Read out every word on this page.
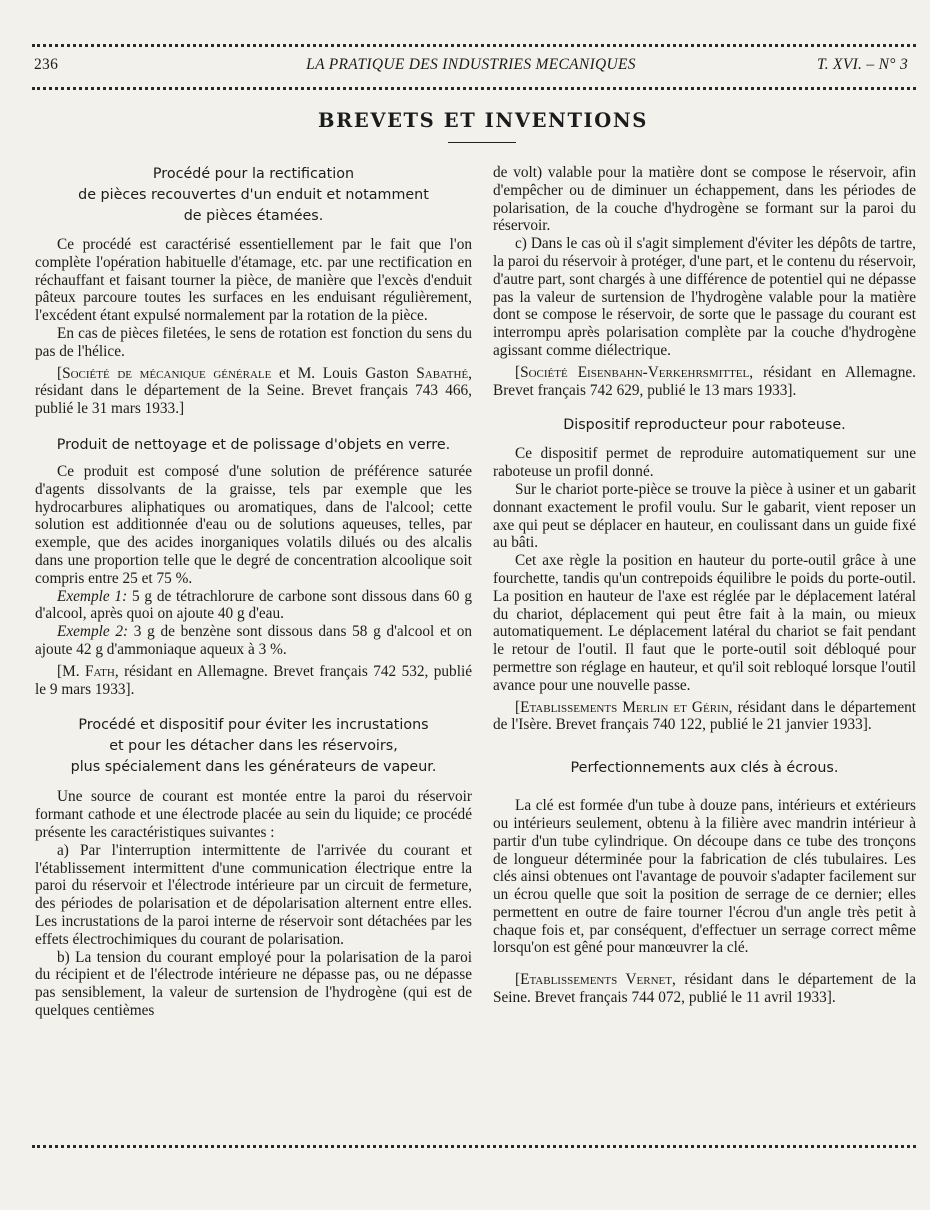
236	LA PRATIQUE DES INDUSTRIES MECANIQUES	T. XVI. – N° 3
BREVETS ET INVENTIONS
Procédé pour la rectification
de pièces recouvertes d'un enduit et notamment
de pièces étamées.

Ce procédé est caractérisé essentiellement par le fait que l'on complète l'opération habituelle d'étamage, etc. par une rectification en réchauffant et faisant tourner la pièce, de manière que l'excès d'enduit pâteux parcoure toutes les surfaces en les enduisant régulièrement, l'excédent étant expulsé normalement par la rotation de la pièce.

En cas de pièces filetées, le sens de rotation est fonction du sens du pas de l'hélice.

[Société de mécanique générale et M. Louis Gaston Sabathé, résidant dans le département de la Seine. Brevet français 743 466, publié le 31 mars 1933.]

Produit de nettoyage et de polissage d'objets en verre.

Ce produit est composé d'une solution de préférence saturée d'agents dissolvants de la graisse, tels par exemple que les hydrocarbures aliphatiques ou aromatiques, dans de l'alcool; cette solution est additionnée d'eau ou de solutions aqueuses, telles, par exemple, que des acides inorganiques volatils dilués ou des alcalis dans une proportion telle que le degré de concentration alcoolique soit compris entre 25 et 75 %.

Exemple 1: 5 g de tétrachlorure de carbone sont dissous dans 60 g d'alcool, après quoi on ajoute 40 g d'eau.

Exemple 2: 3 g de benzène sont dissous dans 58 g d'alcool et on ajoute 42 g d'ammoniaque aqueux à 3 %.

[M. Fath, résidant en Allemagne. Brevet français 742 532, publié le 9 mars 1933].

Procédé et dispositif pour éviter les incrustations
et pour les détacher dans les réservoirs,
plus spécialement dans les générateurs de vapeur.

Une source de courant est montée entre la paroi du réservoir formant cathode et une électrode placée au sein du liquide; ce procédé présente les caractéristiques suivantes :

a) Par l'interruption intermittente de l'arrivée du courant et l'établissement intermittent d'une communication électrique entre la paroi du réservoir et l'électrode intérieure par un circuit de fermeture, des périodes de polarisation et de dépolarisation alternent entre elles. Les incrustations de la paroi interne de réservoir sont détachées par les effets électrochimiques du courant de polarisation.

b) La tension du courant employé pour la polarisation de la paroi du récipient et de l'électrode intérieure ne dépasse pas, ou ne dépasse pas sensiblement, la valeur de surtension de l'hydrogène (qui est de quelques centièmes

de volt) valable pour la matière dont se compose le réservoir, afin d'empêcher ou de diminuer un échappement, dans les périodes de polarisation, de la couche d'hydrogène se formant sur la paroi du réservoir.

c) Dans le cas où il s'agit simplement d'éviter les dépôts de tartre, la paroi du réservoir à protéger, d'une part, et le contenu du réservoir, d'autre part, sont chargés à une différence de potentiel qui ne dépasse pas la valeur de surtension de l'hydrogène valable pour la matière dont se compose le réservoir, de sorte que le passage du courant est interrompu après polarisation complète par la couche d'hydrogène agissant comme diélectrique.

[Société Eisenbahn-Verkehrsmittel, résidant en Allemagne. Brevet français 742 629, publié le 13 mars 1933].

Dispositif reproducteur pour raboteuse.

Ce dispositif permet de reproduire automatiquement sur une raboteuse un profil donné.

Sur le chariot porte-pièce se trouve la pièce à usiner et un gabarit donnant exactement le profil voulu. Sur le gabarit, vient reposer un axe qui peut se déplacer en hauteur, en coulissant dans un guide fixé au bâti.

Cet axe règle la position en hauteur du porte-outil grâce à une fourchette, tandis qu'un contrepoids équilibre le poids du porte-outil. La position en hauteur de l'axe est réglée par le déplacement latéral du chariot, déplacement qui peut être fait à la main, ou mieux automatiquement. Le déplacement latéral du chariot se fait pendant le retour de l'outil. Il faut que le porte-outil soit débloqué pour permettre son réglage en hauteur, et qu'il soit rebloqué lorsque l'outil avance pour une nouvelle passe.

[Etablissements Merlin et Gérin, résidant dans le département de l'Isère. Brevet français 740 122, publié le 21 janvier 1933].

Perfectionnements aux clés à écrous.

La clé est formée d'un tube à douze pans, intérieurs et extérieurs ou intérieurs seulement, obtenu à la filière avec mandrin intérieur à partir d'un tube cylindrique. On découpe dans ce tube des tronçons de longueur déterminée pour la fabrication de clés tubulaires. Les clés ainsi obtenues ont l'avantage de pouvoir s'adapter facilement sur un écrou quelle que soit la position de serrage de ce dernier; elles permettent en outre de faire tourner l'écrou d'un angle très petit à chaque fois et, par conséquent, d'effectuer un serrage correct même lorsqu'on est gêné pour manœuvrer la clé.

[Etablissements Vernet, résidant dans le département de la Seine. Brevet français 744 072, publié le 11 avril 1933].
